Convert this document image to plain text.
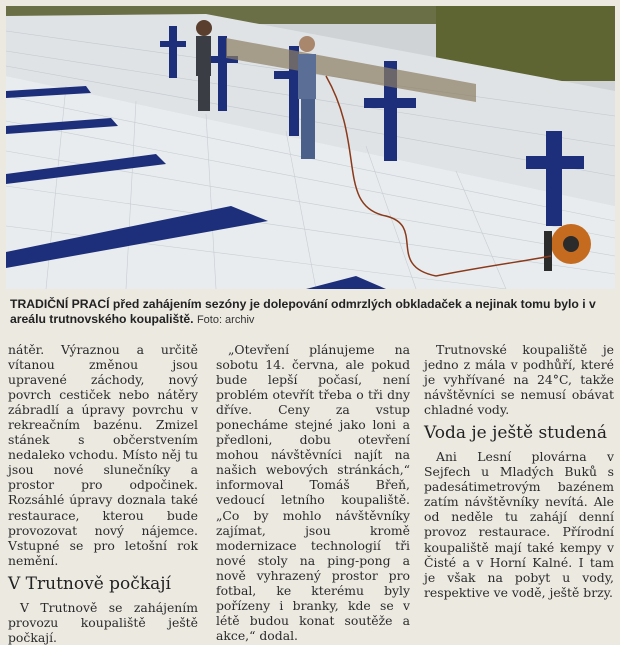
TRADIČNÍ PRACÍ před zahájením sezóny je dolepování odmrzlých obkladaček a nejinak tomu bylo i v areálu trutnovského koupaliště. Foto: archiv

nátěr. Výraznou a určitě vítanou změnou jsou upravené záchody, nový povrch cestiček nebo nátěry zábradlí a úpravy povrchu v rekreačním bazénu. Zmizel stánek s občerstvením nedaleko vchodu. Místo něj tu jsou nové slunečníky a prostor pro odpočinek. Rozsáhlé úpravy doznala také restaurace, kterou bude provozovat nový nájemce. Vstupné se pro letošní rok nemění.

V Trutnově počkají

V Trutnově se zahájením provozu koupaliště ještě počkají.

„Otevření plánujeme na sobotu 14. června, ale pokud bude lepší počasí, není problém otevřít třeba o tři dny dříve. Ceny za vstup ponecháme stejné jako loni a předloni, dobu otevření mohou návštěvníci najít na našich webových stránkách,“ informoval Tomáš Břeň, vedoucí letního koupaliště. „Co by mohlo návštěvníky zajímat, jsou kromě modernizace technologií tři nové stoly na ping-pong a nově vyhrazený prostor pro fotbal, ke kterému byly pořízeny i branky, kde se v létě budou konat soutěže a akce,“ dodal.

Trutnovské koupaliště je jedno z mála v podhůří, které je vyhřívané na 24°C, takže návštěvníci se nemusí obávat chladné vody.

Voda je ještě studená

Ani Lesní plovárna v Sejfech u Mladých Buků s padesátimetrovým bazénem zatím návštěvníky nevítá. Ale od neděle tu zahájí denní provoz restaurace. Přírodní koupaliště mají také kempy v Čisté a v Horní Kalné. I tam je však na pobyt u vody, respektive ve vodě, ještě brzy.
